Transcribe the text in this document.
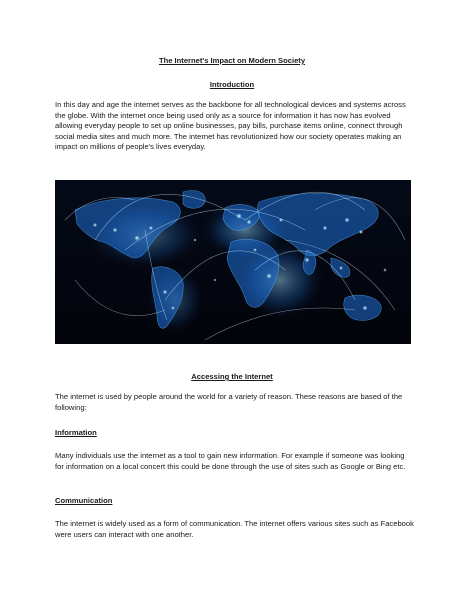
The Internet's Impact on Modern Society
Introduction
In this day and age the internet serves as the backbone for all technological devices and systems across the globe. With the internet once being used only as a source for information it has now has evolved allowing everyday people to set up online businesses, pay bills, purchase items online, connect through social media sites and much more. The internet has revolutionized how our society operates making an impact on millions of people's lives everyday.
Accessing the Internet
The internet is used by people around the world for a variety of reason. These reasons are based of the following:
Information
Many individuals use the internet as a tool to gain new information. For example if someone was looking for information on a local concert this could be done through the use of sites such as Google or Bing etc.
Communication
The internet is widely used as a form of communication. The internet offers various sites such as Facebook were users can interact with one another.
